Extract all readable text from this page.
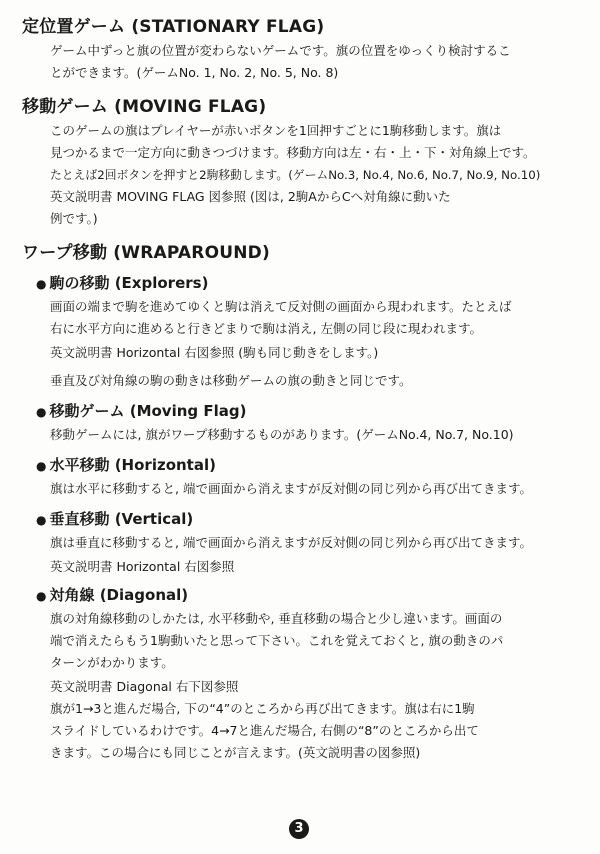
定位置ゲーム (STATIONARY FLAG)
ゲーム中ずっと旗の位置が変わらないゲームです。旗の位置をゆっくり検討するこ
とができます。(ゲームNo. 1, No. 2, No. 5, No. 8)
移動ゲーム (MOVING FLAG)
このゲームの旗はプレイヤーが赤いボタンを1回押すごとに1駒移動します。旗は
見つかるまで一定方向に動きつづけます。移動方向は左・右・上・下・対角線上です。
たとえば2回ボタンを押すと2駒移動します。(ゲームNo.3, No.4, No.6, No.7, No.9, No.10)
英文説明書 MOVING FLAG 図参照 (図は, 2駒AからCへ対角線に動いた
例です。)
ワープ移動 (WRAPAROUND)
● 駒の移動 (Explorers)
画面の端まで駒を進めてゆくと駒は消えて反対側の画面から現われます。たとえば
右に水平方向に進めると行きどまりで駒は消え, 左側の同じ段に現われます。
英文説明書 Horizontal 右図参照 (駒も同じ動きをします。)
垂直及び対角線の駒の動きは移動ゲームの旗の動きと同じです。
● 移動ゲーム (Moving Flag)
移動ゲームには, 旗がワープ移動するものがあります。(ゲームNo.4, No.7, No.10)
● 水平移動 (Horizontal)
旗は水平に移動すると, 端で画面から消えますが反対側の同じ列から再び出てきます。
● 垂直移動 (Vertical)
旗は垂直に移動すると, 端で画面から消えますが反対側の同じ列から再び出てきます。
英文説明書 Horizontal 右図参照
● 対角線 (Diagonal)
旗の対角線移動のしかたは, 水平移動や, 垂直移動の場合と少し違います。画面の
端で消えたらもう1駒動いたと思って下さい。これを覚えておくと, 旗の動きのパ
ターンがわかります。
英文説明書 Diagonal 右下図参照
旗が1→3と進んだ場合, 下の“4”のところから再び出てきます。旗は右に1駒
スライドしているわけです。4→7と進んだ場合, 右側の“8”のところから出て
きます。この場合にも同じことが言えます。(英文説明書の図参照)
3
